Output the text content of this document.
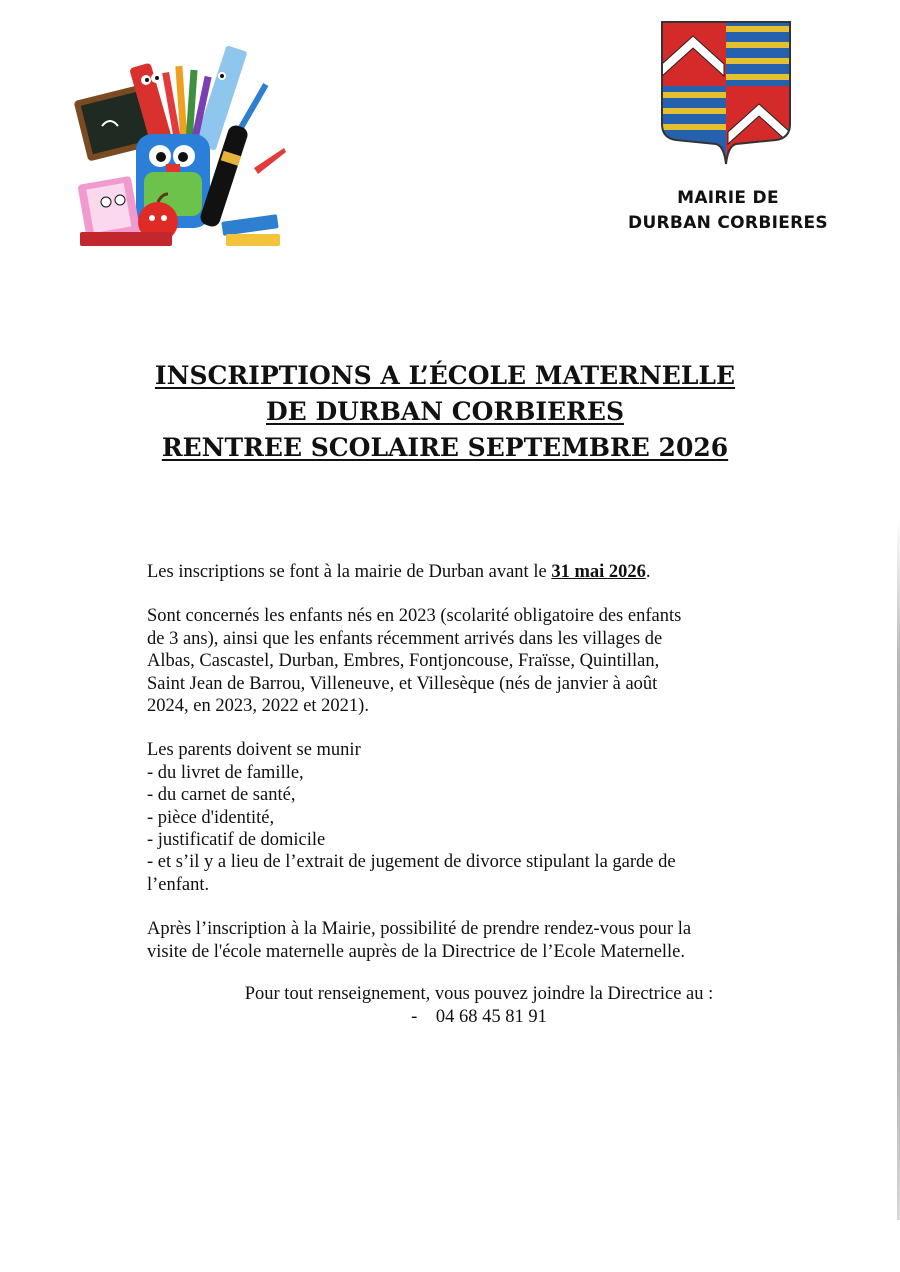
MAIRIE DE
DURBAN CORBIERES
INSCRIPTIONS A L’ÉCOLE MATERNELLE
DE DURBAN CORBIERES
RENTREE SCOLAIRE SEPTEMBRE 2026

Les inscriptions se font à la mairie de Durban avant le 31 mai 2026.

Sont concernés les enfants nés en 2023 (scolarité obligatoire des enfants

de 3 ans), ainsi que les enfants récemment arrivés dans les villages de

Albas, Cascastel, Durban, Embres, Fontjoncouse, Fraïsse, Quintillan,

Saint Jean de Barrou, Villeneuve, et Villesèque (nés de janvier à août

2024, en 2023, 2022 et 2021).

Les parents doivent se munir

- du livret de famille,

- du carnet de santé,

- pièce d'identité,

- justificatif de domicile

- et s’il y a lieu de l’extrait de jugement de divorce stipulant la garde de

l’enfant.

Après l’inscription à la Mairie, possibilité de prendre rendez-vous pour la

visite de l'école maternelle auprès de la Directrice de l’Ecole Maternelle.

Pour tout renseignement, vous pouvez joindre la Directrice au :

-    04 68 45 81 91
